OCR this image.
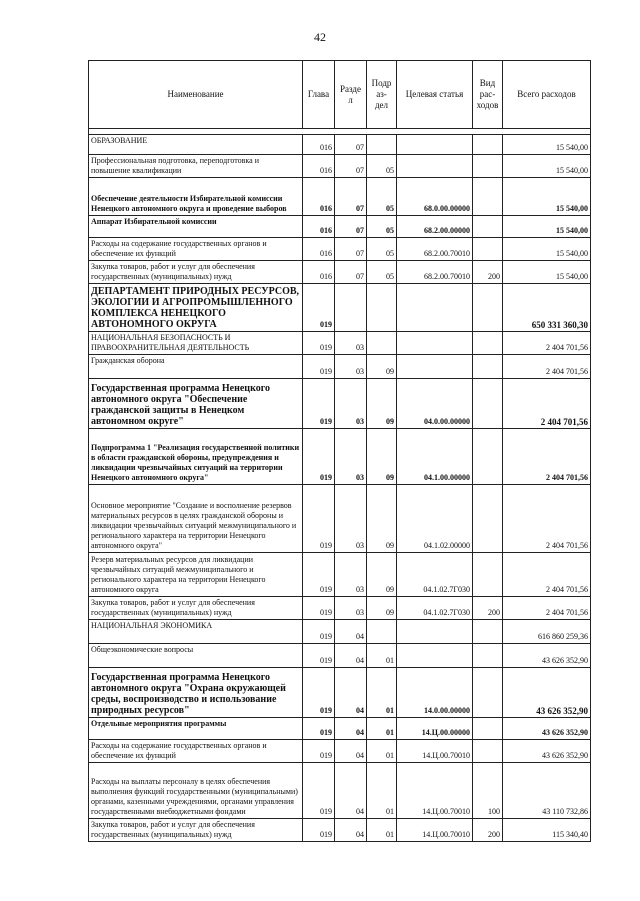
42
Наименование	Глава	Разде л	Подр аз- дел	Целевая статья	Вид рас- ходов	Всего расходов

ОБРАЗОВАНИЕ	016	07				15 540,00
Профессиональная подготовка, переподготовка и повышение квалификации	016	07	05			15 540,00
Обеспечение деятельности Избирательной комиссии Ненецкого автономного округа и проведение выборов	016	07	05	68.0.00.00000		15 540,00
Аппарат Избирательной комиссии	016	07	05	68.2.00.00000		15 540,00
Расходы на содержание государственных органов и обеспечение их функций	016	07	05	68.2.00.70010		15 540,00
Закупка товаров, работ и услуг для обеспечения государственных (муниципальных) нужд	016	07	05	68.2.00.70010	200	15 540,00
ДЕПАРТАМЕНТ ПРИРОДНЫХ РЕСУРСОВ, ЭКОЛОГИИ И АГРОПРОМЫШЛЕННОГО КОМПЛЕКСА НЕНЕЦКОГО АВТОНОМНОГО ОКРУГА	019					650 331 360,30
НАЦИОНАЛЬНАЯ БЕЗОПАСНОСТЬ И ПРАВООХРАНИТЕЛЬНАЯ ДЕЯТЕЛЬНОСТЬ	019	03				2 404 701,56
Гражданская оборона	019	03	09			2 404 701,56
Государственная программа Ненецкого автономного округа "Обеспечение гражданской защиты в Ненецком автономном округе"	019	03	09	04.0.00.00000		2 404 701,56
Подпрограмма 1 "Реализация государственной политики в области гражданской обороны, предупреждения и ликвидации чрезвычайных ситуаций на территории Ненецкого автономного округа"	019	03	09	04.1.00.00000		2 404 701,56
Основное мероприятие "Создание и восполнение резервов материальных ресурсов в целях гражданской обороны и ликвидации чрезвычайных ситуаций межмуниципального и регионального характера на территории Ненецкого автономного округа"	019	03	09	04.1.02.00000		2 404 701,56
Резерв материальных ресурсов для ликвидации чрезвычайных ситуаций межмуниципального и регионального характера на территории Ненецкого автономного округа	019	03	09	04.1.02.7Г030		2 404 701,56
Закупка товаров, работ и услуг для обеспечения государственных (муниципальных) нужд	019	03	09	04.1.02.7Г030	200	2 404 701,56
НАЦИОНАЛЬНАЯ ЭКОНОМИКА	019	04				616 860 259,36
Общеэкономические вопросы	019	04	01			43 626 352,90
Государственная программа Ненецкого автономного округа "Охрана окружающей среды, воспроизводство и использование природных ресурсов"	019	04	01	14.0.00.00000		43 626 352,90
Отдельные мероприятия программы	019	04	01	14.Ц.00.00000		43 626 352,90
Расходы на содержание государственных органов и обеспечение их функций	019	04	01	14.Ц.00.70010		43 626 352,90
Расходы на выплаты персоналу в целях обеспечения выполнения функций государственными (муниципальными) органами, казенными учреждениями, органами управления государственными внебюджетными фондами	019	04	01	14.Ц.00.70010	100	43 110 732,86
Закупка товаров, работ и услуг для обеспечения государственных (муниципальных) нужд	019	04	01	14.Ц.00.70010	200	115 340,40
